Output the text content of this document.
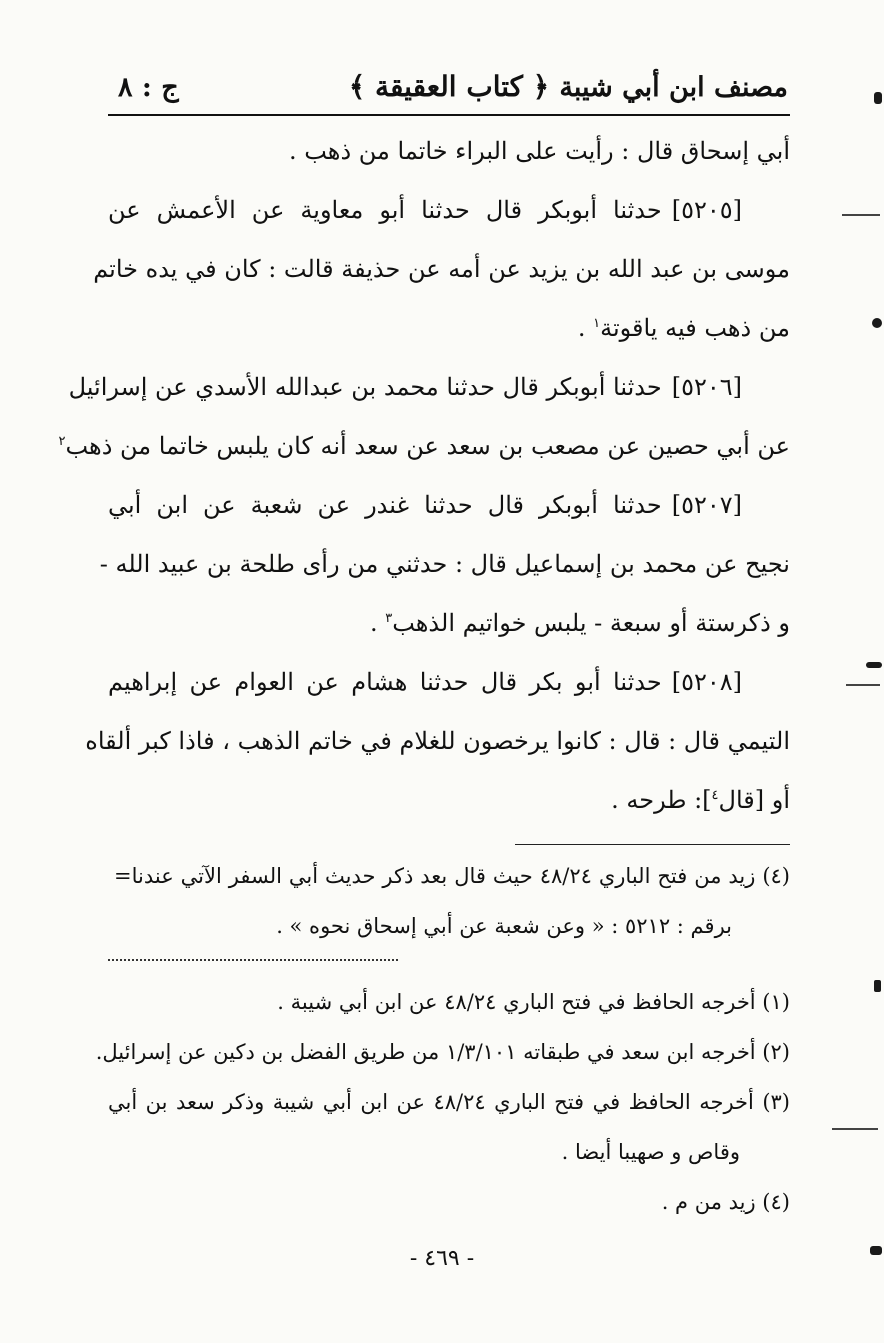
مصنف ابن أبي شيبة
﴿ كتاب العقيقة ﴾
ج : ٨
أبي إسحاق قال : رأيت على البراء خاتما من ذهب .
[٥٢٠٥]حدثنا أبوبكر قال حدثنا أبو معاوية عن الأعمش عن
موسى بن عبد الله بن يزيد عن أمه عن حذيفة قالت : كان في يده خاتم
من ذهب فيه ياقوتة$^١$ .
[٥٢٠٦]حدثنا أبوبكر قال حدثنا محمد بن عبدالله الأسدي عن إسرائيل
عن أبي حصين عن مصعب بن سعد عن سعد أنه كان يلبس خاتما من ذهب$^٢$
[٥٢٠٧]حدثنا أبوبكر قال حدثنا غندر عن شعبة عن ابن أبي
نجيح عن محمد بن إسماعيل قال : حدثني من رأى طلحة بن عبيد الله -
و ذكرستة أو سبعة - يلبس خواتيم الذهب$^٣$ .
[٥٢٠٨]حدثنا أبو بكر قال حدثنا هشام عن العوام عن إبراهيم
التيمي قال : قال : كانوا يرخصون للغلام في خاتم الذهب ، فاذا كبر ألقاه
أو [قال$^٤$]: طرحه .
(٤) زيد من فتح الباري ٤٨/٢٤ حيث قال بعد ذكر حديث أبي السفر الآتي عندنا=
برقم : ٥٢١٢ : « وعن شعبة عن أبي إسحاق نحوه » .
(١) أخرجه الحافظ في فتح الباري ٤٨/٢٤ عن ابن أبي شيبة .
(٢) أخرجه ابن سعد في طبقاته ١/٣/١٠١ من طريق الفضل بن دكين عن إسرائيل.
(٣) أخرجه الحافظ في فتح الباري ٤٨/٢٤ عن ابن أبي شيبة وذكر سعد بن أبي
وقاص و صهيبا أيضا .
(٤) زيد من م .
- ٤٦٩ -
